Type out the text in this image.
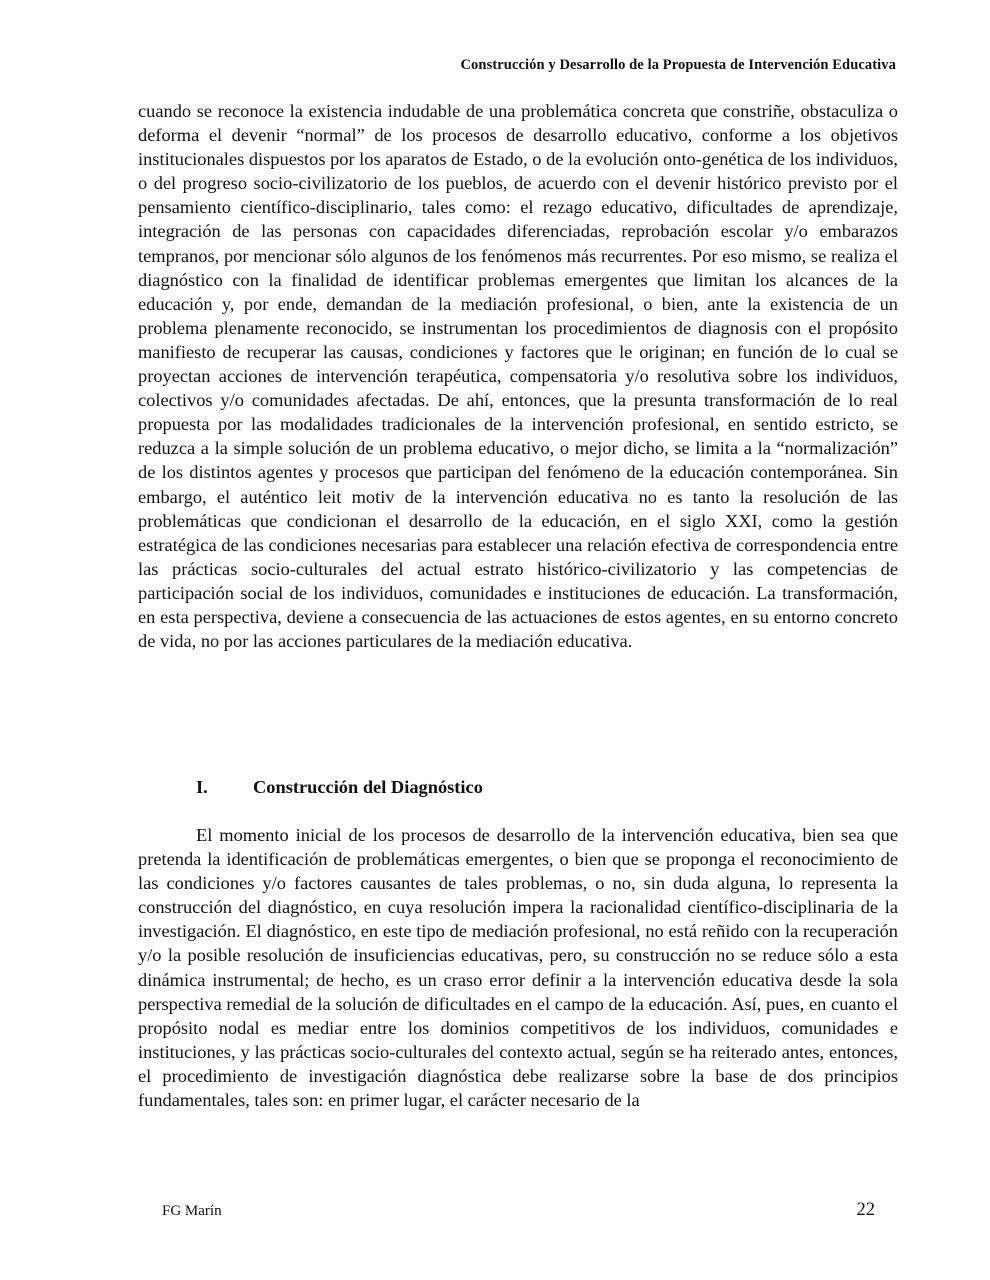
Construcción y Desarrollo de la Propuesta de Intervención Educativa

cuando se reconoce la existencia indudable de una problemática concreta que constriñe, obstaculiza o deforma el devenir “normal” de los procesos de desarrollo educativo, conforme a los objetivos institucionales dispuestos por los aparatos de Estado, o de la evolución onto-genética de los individuos, o del progreso socio-civilizatorio de los pueblos, de acuerdo con el devenir histórico previsto por el pensamiento científico-disciplinario, tales como: el rezago educativo, dificultades de aprendizaje, integración de las personas con capacidades diferenciadas, reprobación escolar y/o embarazos tempranos, por mencionar sólo algunos de los fenómenos más recurrentes. Por eso mismo, se realiza el diagnóstico con la finalidad de identificar problemas emergentes que limitan los alcances de la educación y, por ende, demandan de la mediación profesional, o bien, ante la existencia de un problema plenamente reconocido, se instrumentan los procedimientos de diagnosis con el propósito manifiesto de recuperar las causas, condiciones y factores que le originan; en función de lo cual se proyectan acciones de intervención terapéutica, compensatoria y/o resolutiva sobre los individuos, colectivos y/o comunidades afectadas. De ahí, entonces, que la presunta transformación de lo real propuesta por las modalidades tradicionales de la intervención profesional, en sentido estricto, se reduzca a la simple solución de un problema educativo, o mejor dicho, se limita a la “normalización” de los distintos agentes y procesos que participan del fenómeno de la educación contemporánea. Sin embargo, el auténtico leit motiv de la intervención educativa no es tanto la resolución de las problemáticas que condicionan el desarrollo de la educación, en el siglo XXI, como la gestión estratégica de las condiciones necesarias para establecer una relación efectiva de correspondencia entre las prácticas socio-culturales del actual estrato histórico-civilizatorio y las competencias de participación social de los individuos, comunidades e instituciones de educación. La transformación, en esta perspectiva, deviene a consecuencia de las actuaciones de estos agentes, en su entorno concreto de vida, no por las acciones particulares de la mediación educativa.

I.	Construcción del Diagnóstico

El momento inicial de los procesos de desarrollo de la intervención educativa, bien sea que pretenda la identificación de problemáticas emergentes, o bien que se proponga el reconocimiento de las condiciones y/o factores causantes de tales problemas, o no, sin duda alguna, lo representa la construcción del diagnóstico, en cuya resolución impera la racionalidad científico-disciplinaria de la investigación. El diagnóstico, en este tipo de mediación profesional, no está reñido con la recuperación y/o la posible resolución de insuficiencias educativas, pero, su construcción no se reduce sólo a esta dinámica instrumental; de hecho, es un craso error definir a la intervención educativa desde la sola perspectiva remedial de la solución de dificultades en el campo de la educación. Así, pues, en cuanto el propósito nodal es mediar entre los dominios competitivos de los individuos, comunidades e instituciones, y las prácticas socio-culturales del contexto actual, según se ha reiterado antes, entonces, el procedimiento de investigación diagnóstica debe realizarse sobre la base de dos principios fundamentales, tales son: en primer lugar, el carácter necesario de la

FG Marín	22
